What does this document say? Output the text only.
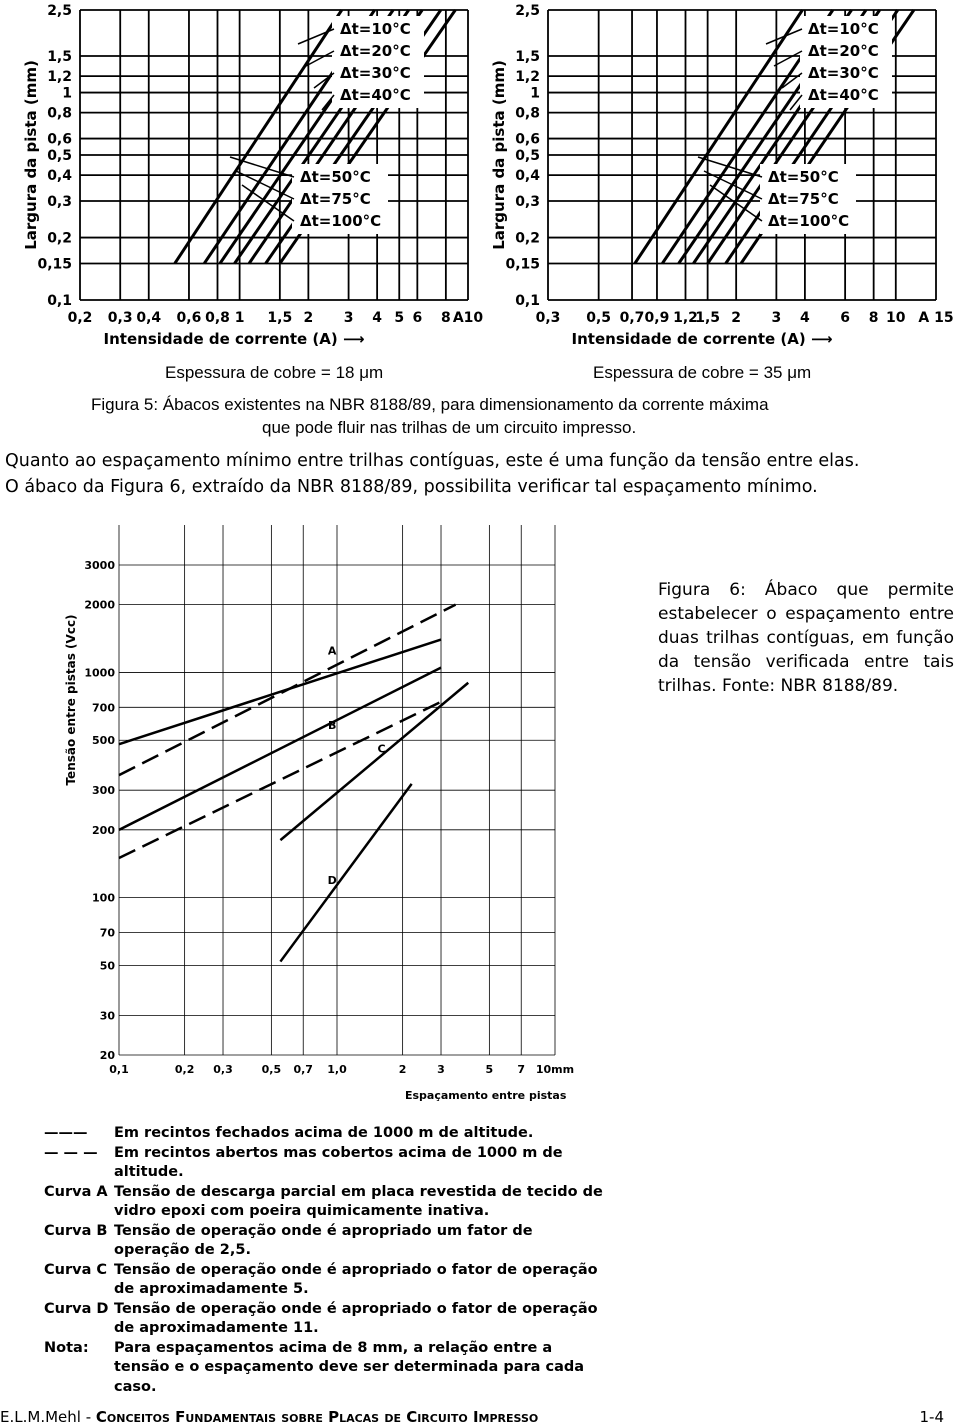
0,2 0,3 0,4 0,6 0,8 1 1,5 2 3 4 5 6 8 A10
0,1
0,15
0,2
0,3
0,4
0,5
0,6
0,8
1
1,2
1,5
2,5
Largura da pista (mm)
Intensidade de corrente (A) ⟶
Δt=10°C
Δt=20°C
Δt=30°C
Δt=40°C
Δt=50°C
Δt=75°C
Δt=100°C
0,3 0,5 0,7 0,9 1,2
1,5 2 3 4 6 8 10 A 15
0,1
0,15
0,2
0,3
0,4
0,5
0,6
0,8
1
1,2
1,5
2,5
Largura da pista (mm)
Intensidade de corrente (A) ⟶
Δt=10°C
Δt=20°C
Δt=30°C
Δt=40°C
Δt=50°C
Δt=75°C
Δt=100°C
Espessura de cobre = 18 μm	Espessura de cobre = 35 μm
Figura 5: Ábacos existentes na NBR 8188/89, para dimensionamento da corrente máxima
que pode fluir nas trilhas de um circuito impresso.
Quanto ao espaçamento mínimo entre trilhas contíguas, este é uma função da tensão entre elas.
O ábaco da Figura 6, extraído da NBR 8188/89, possibilita verificar tal espaçamento mínimo.
0,1	0,2 0,3	0,5 0,7 1,0	2	3	5 7 10mm
20
30
50
70
100
200
300
500
700
1000
2000
3000
A
B
C
D
Tensão entre pistas (Vcc)
Espaçamento entre pistas
Figura 6: Ábaco que permite estabelecer o espaçamento entre duas trilhas contíguas, em função da tensão verificada entre tais trilhas. Fonte: NBR 8188/89.
———	Em recintos fechados acima de 1000 m de altitude.
— — —	Em recintos abertos mas cobertos acima de 1000 m de altitude.
Curva A Tensão de descarga parcial em placa revestida de tecido de vidro epoxi com poeira quimicamente inativa.
Curva B Tensão de operação onde é apropriado um fator de operação de 2,5.
Curva C Tensão de operação onde é apropriado o fator de operação de aproximadamente 5.
Curva D Tensão de operação onde é apropriado o fator de operação de aproximadamente 11.
Nota:	Para espaçamentos acima de 8 mm, a relação entre a tensão e o espaçamento deve ser determinada para cada caso.
E.L.M.Mehl - Conceitos Fundamentais sobre Placas de Circuito Impresso	1-4
